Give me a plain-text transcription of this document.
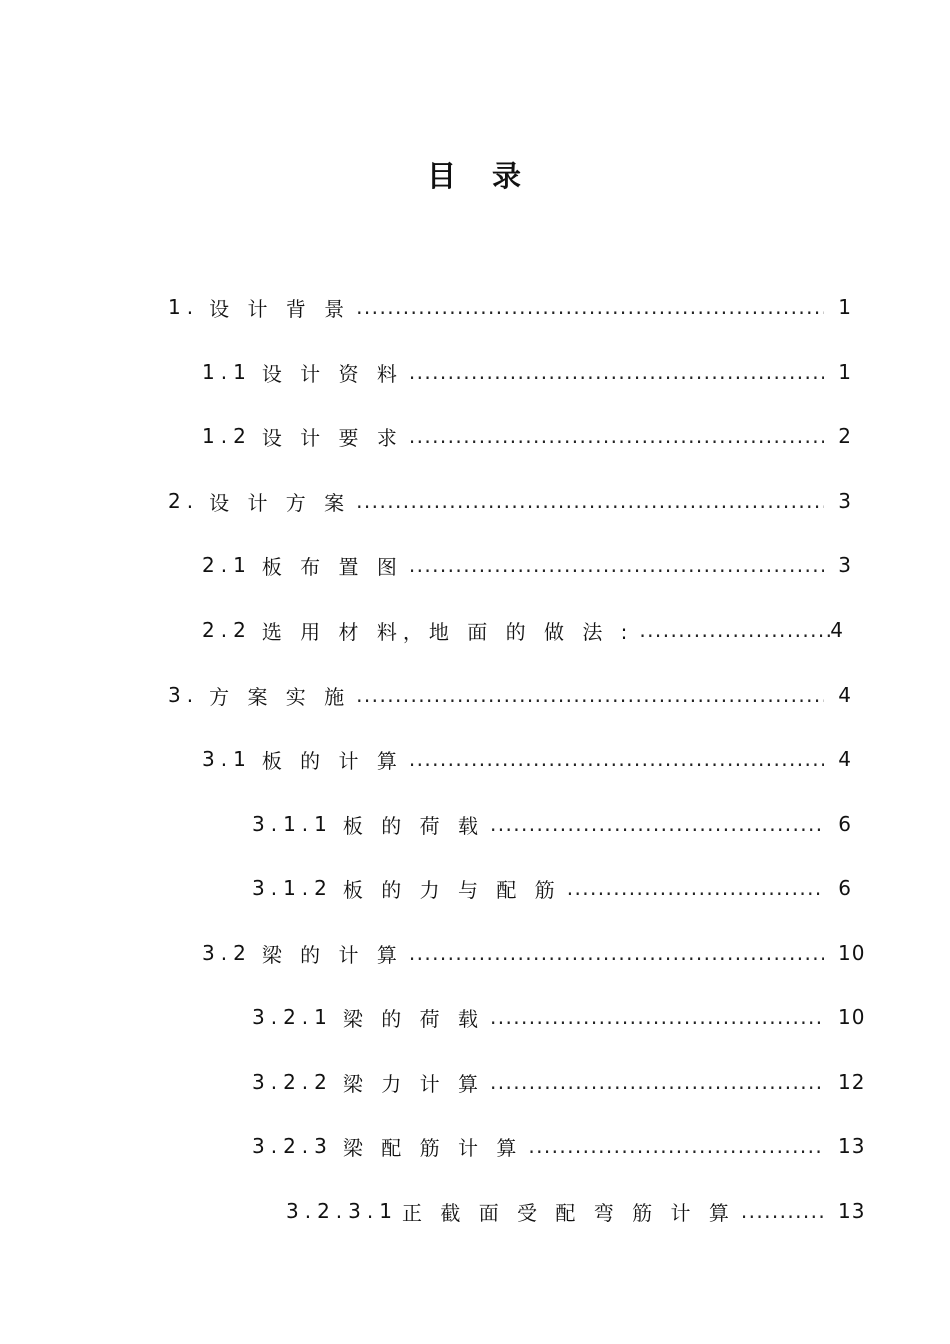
目 录
1. 设 计 背 景 .....	1
1.1 设 计 资 料 .....	1
1.2 设 计 要 求 .....	2
2. 设 计 方 案 .....	3
2.1 板 布 置 图 .....	3
2.2 选 用 材 料，地 面 的 做 法 : .....	4
3. 方 案 实 施 .....	4
3.1 板 的 计 算 .....	4
3.1.1 板 的 荷 载 .....	6
3.1.2 板 的 力 与 配 筋 .....	6
3.2 梁 的 计 算 .....	10
3.2.1 梁 的 荷 载 .....	10
3.2.2 梁 力 计 算 .....	12
3.2.3 梁 配 筋 计 算 .....	13
3.2.3.1 正 截 面 受 配 弯 筋 计 算 .....	13
